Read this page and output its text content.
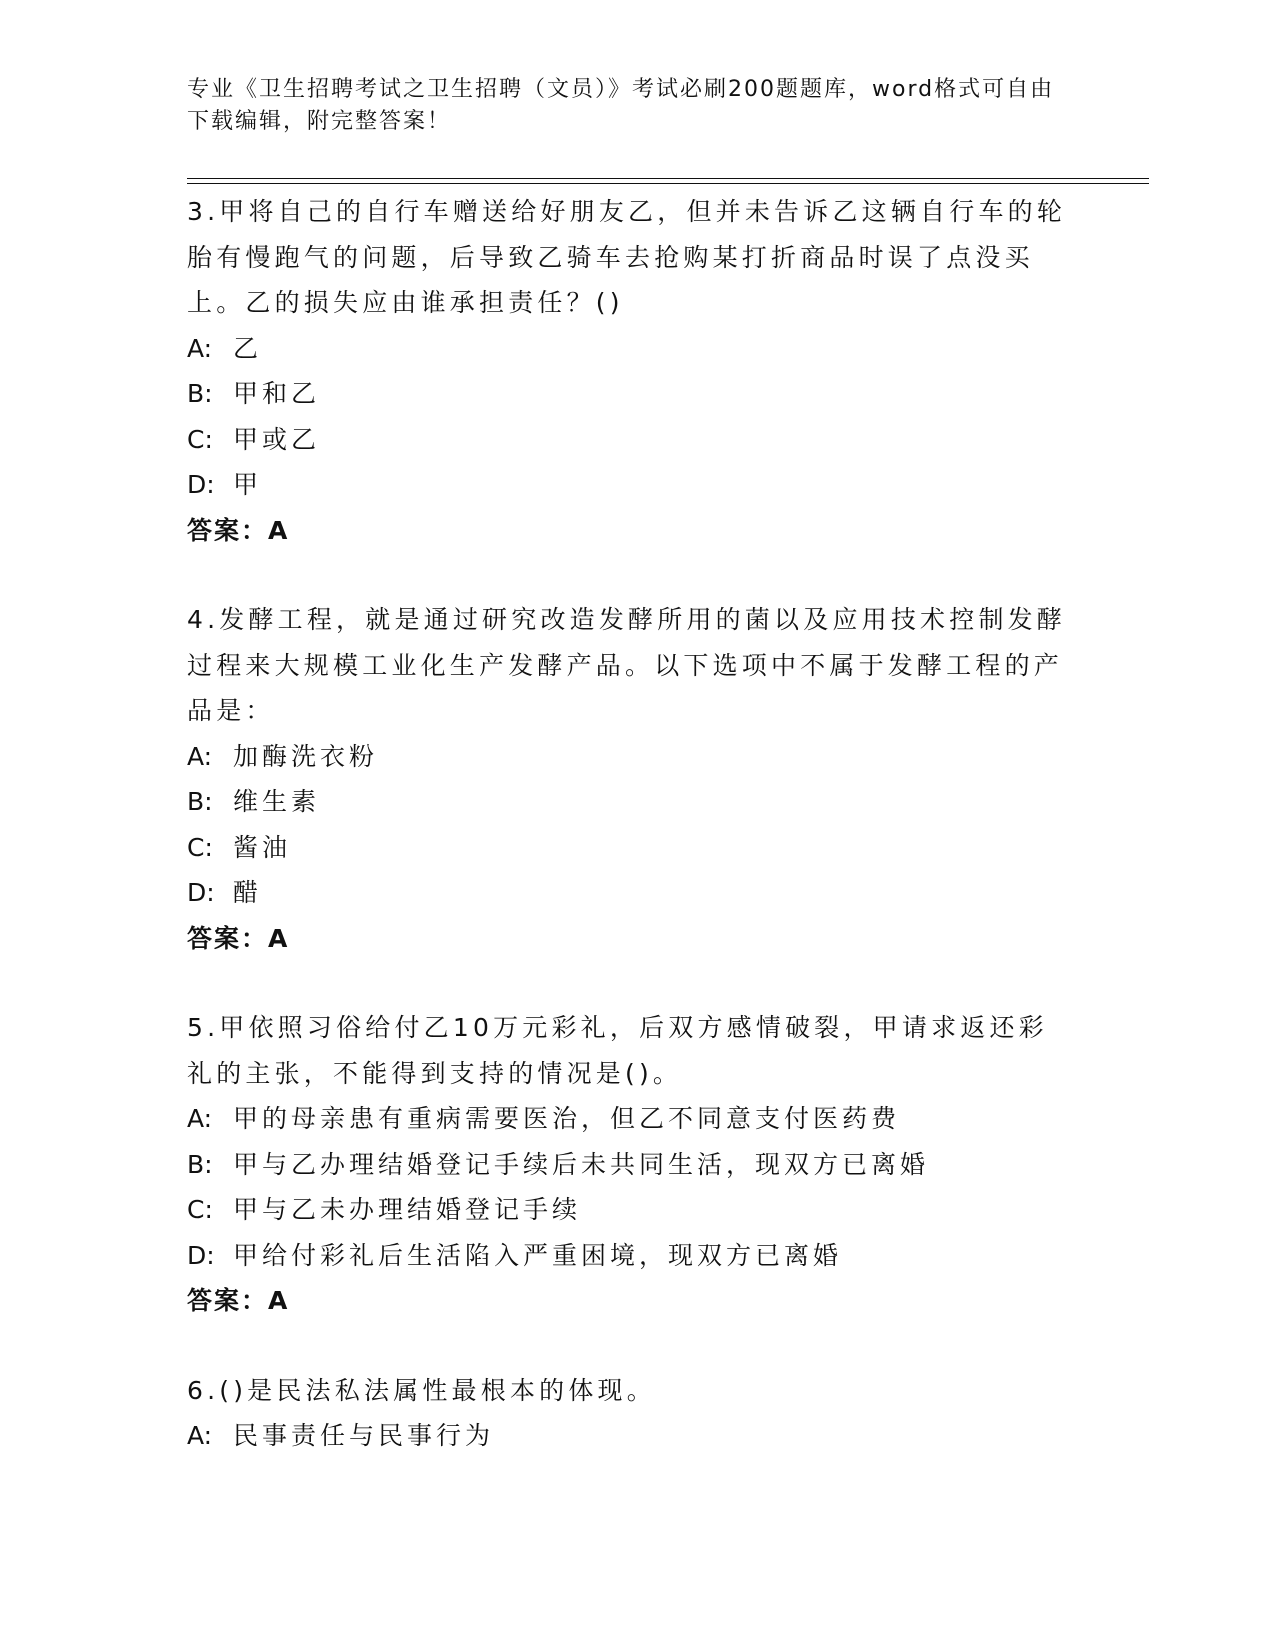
专业《卫生招聘考试之卫生招聘（文员）》考试必刷200题题库，word格式可自由下载编辑，附完整答案！
3.甲将自己的自行车赠送给好朋友乙，但并未告诉乙这辆自行车的轮胎有慢跑气的问题，后导致乙骑车去抢购某打折商品时误了点没买上。乙的损失应由谁承担责任？()
A: 乙
B: 甲和乙
C: 甲或乙
D: 甲
答案：A
4.发酵工程，就是通过研究改造发酵所用的菌以及应用技术控制发酵过程来大规模工业化生产发酵产品。以下选项中不属于发酵工程的产品是：
A: 加酶洗衣粉
B: 维生素
C: 酱油
D: 醋
答案：A
5.甲依照习俗给付乙10万元彩礼，后双方感情破裂，甲请求返还彩礼的主张，不能得到支持的情况是()。
A: 甲的母亲患有重病需要医治，但乙不同意支付医药费
B: 甲与乙办理结婚登记手续后未共同生活，现双方已离婚
C: 甲与乙未办理结婚登记手续
D: 甲给付彩礼后生活陷入严重困境，现双方已离婚
答案：A
6.()是民法私法属性最根本的体现。
A: 民事责任与民事行为
